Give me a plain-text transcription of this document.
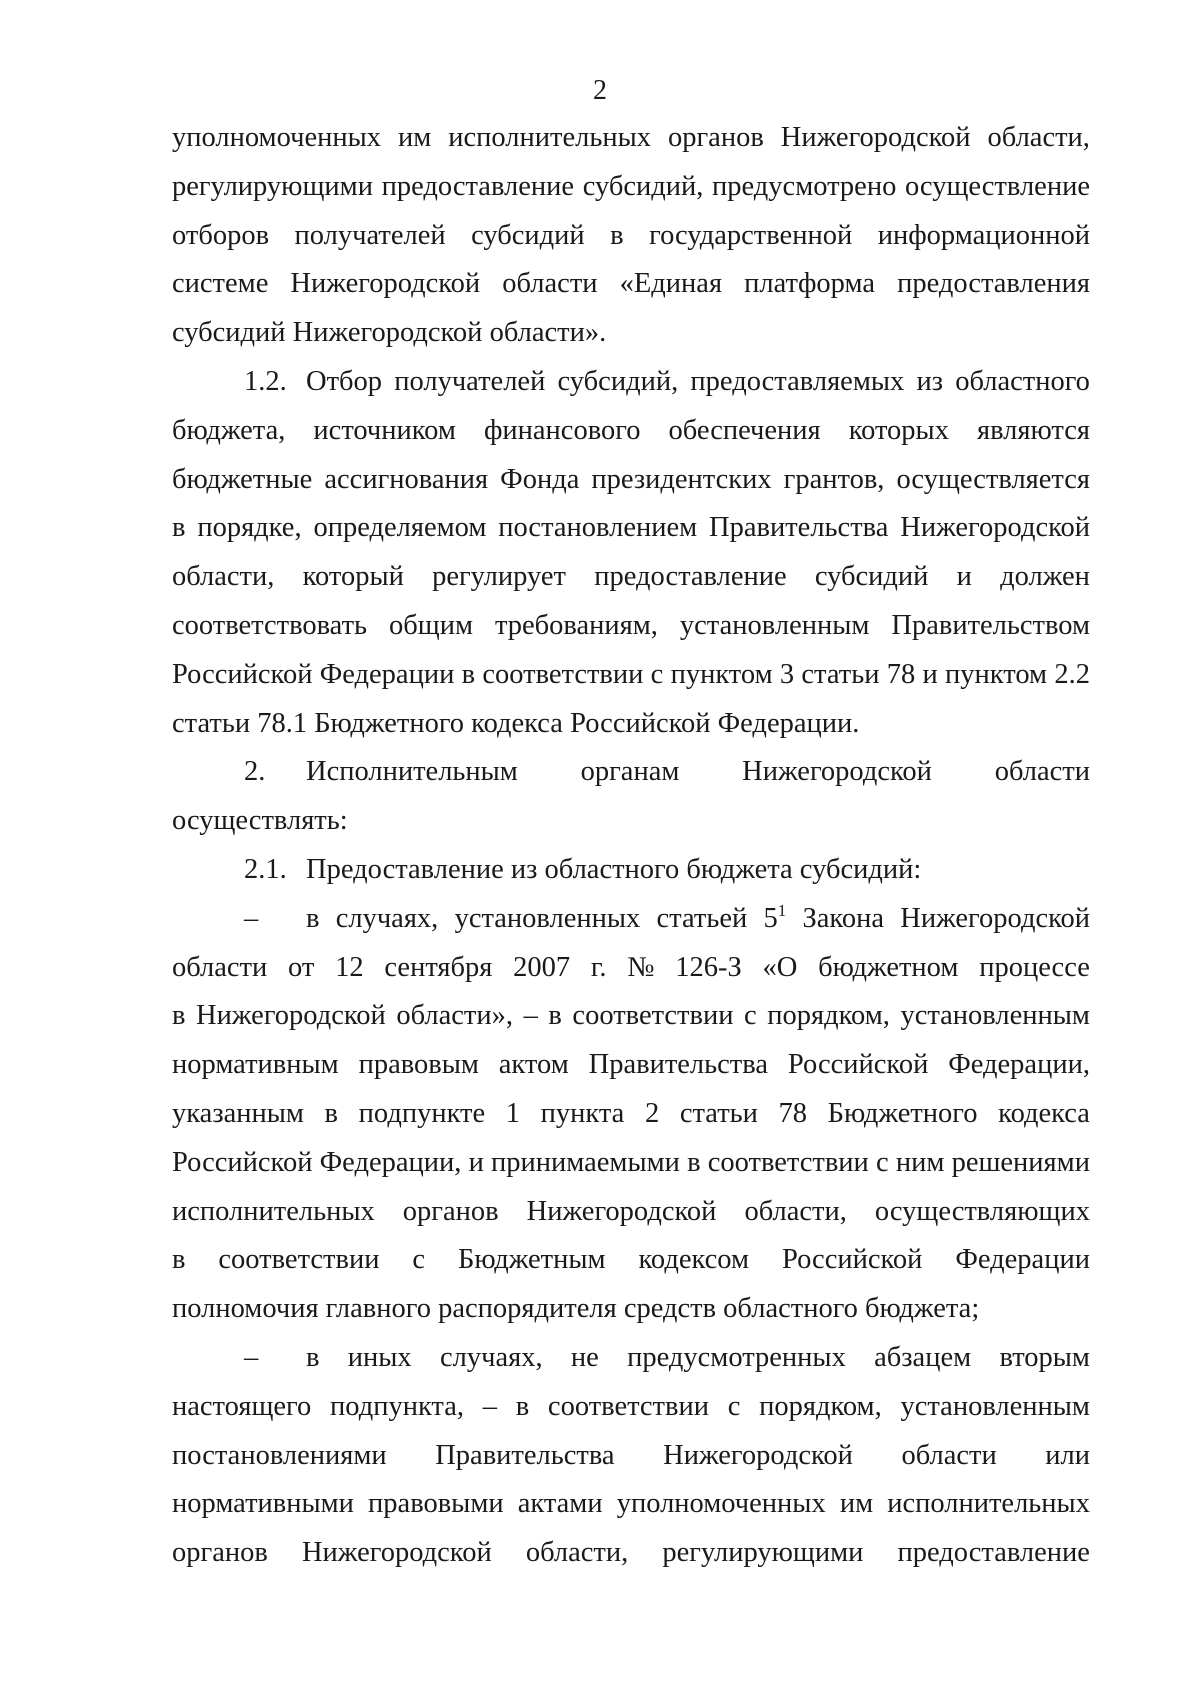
2
уполномоченных им исполнительных органов Нижегородской области,
регулирующими предоставление субсидий, предусмотрено осуществление
отборов получателей субсидий в государственной информационной
системе Нижегородской области «Единая платформа предоставления
субсидий Нижегородской области».
1.2. Отбор получателей субсидий, предоставляемых из областного
бюджета, источником финансового обеспечения которых являются
бюджетные ассигнования Фонда президентских грантов, осуществляется
в порядке, определяемом постановлением Правительства Нижегородской
области, который регулирует предоставление субсидий и должен
соответствовать общим требованиям, установленным Правительством
Российской Федерации в соответствии с пунктом 3 статьи 78 и пунктом 2.2
статьи 78.1 Бюджетного кодекса Российской Федерации.
2. Исполнительным органам Нижегородской области
осуществлять:
2.1. Предоставление из областного бюджета субсидий:
– в случаях, установленных статьей $5^1$ Закона Нижегородской
области от 12 сентября 2007 г. № 126-З «О бюджетном процессе
в Нижегородской области», – в соответствии с порядком, установленным
нормативным правовым актом Правительства Российской Федерации,
указанным в подпункте 1 пункта 2 статьи 78 Бюджетного кодекса
Российской Федерации, и принимаемыми в соответствии с ним решениями
исполнительных органов Нижегородской области, осуществляющих
в соответствии с Бюджетным кодексом Российской Федерации
полномочия главного распорядителя средств областного бюджета;
– в иных случаях, не предусмотренных абзацем вторым
настоящего подпункта, – в соответствии с порядком, установленным
постановлениями Правительства Нижегородской области или
нормативными правовыми актами уполномоченных им исполнительных
органов Нижегородской области, регулирующими предоставление
